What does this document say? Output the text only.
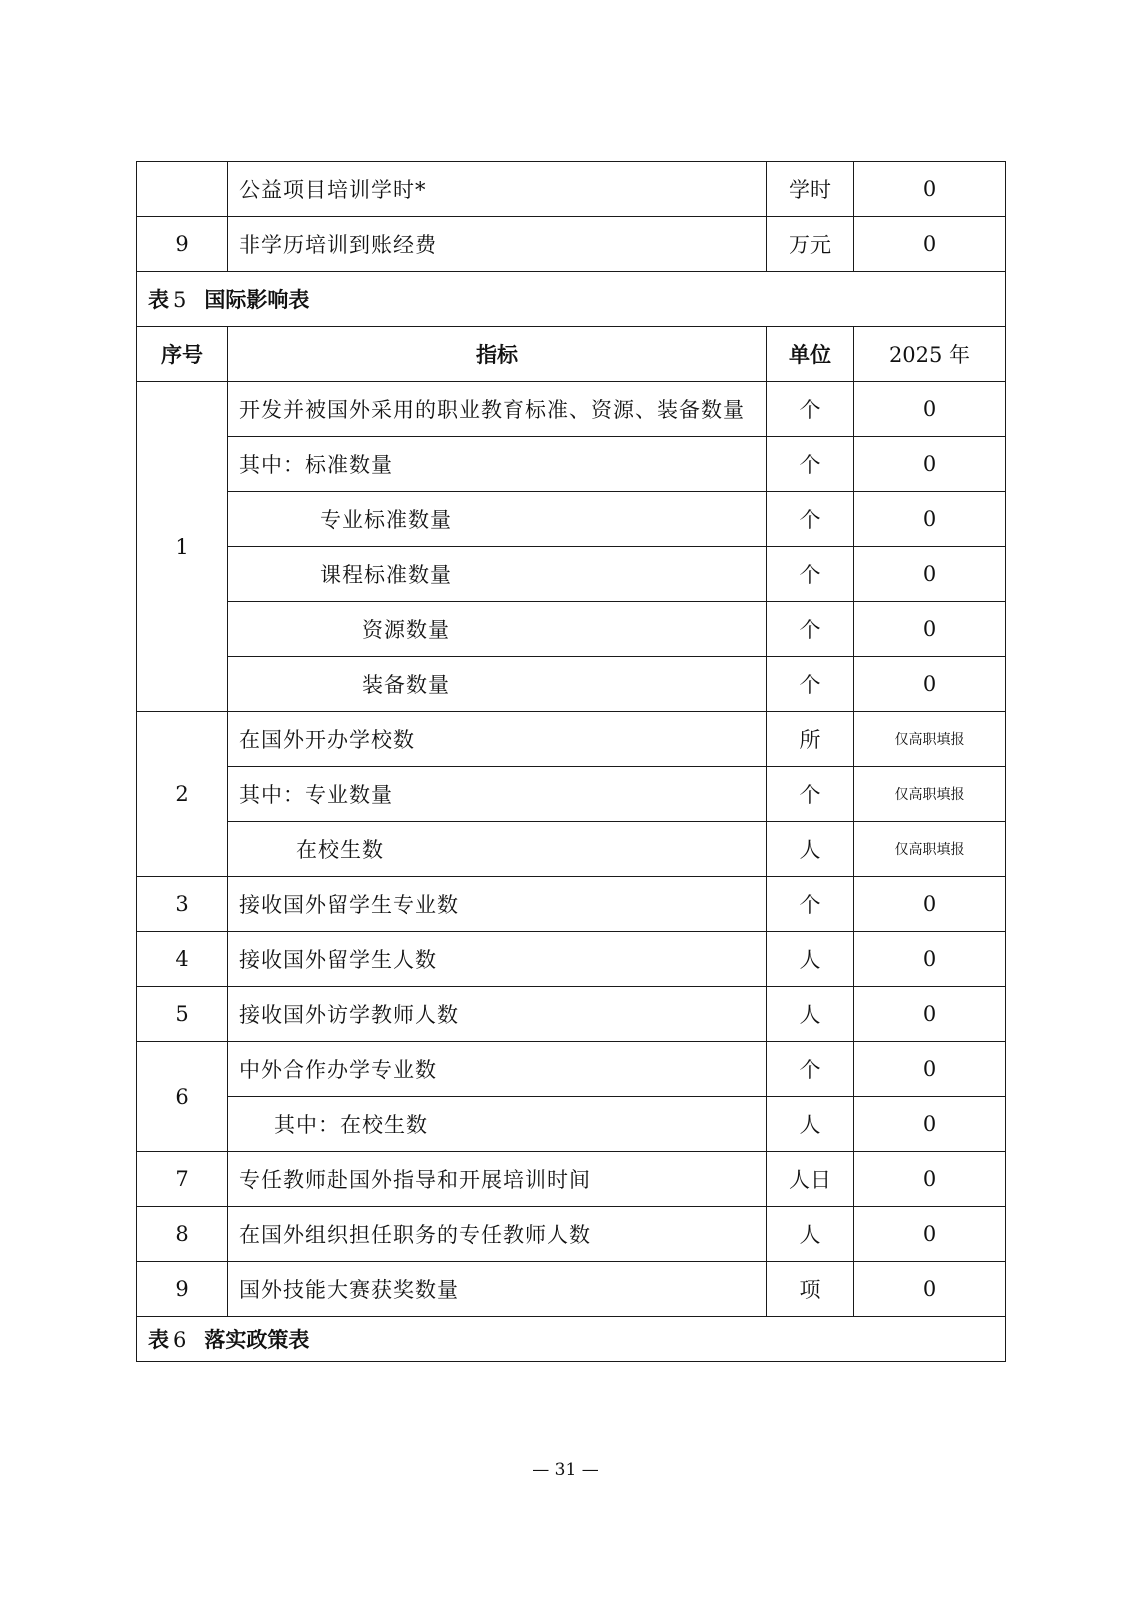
	公益项目培训学时*	学时	0
9	非学历培训到账经费	万元	0
表 5 国际影响表			
序号	指标	单位	2025 年
1	开发并被国外采用的职业教育标准、资源、装备数量	个	0
	其中：标准数量	个	0
	专业标准数量	个	0
	课程标准数量	个	0
	资源数量	个	0
	装备数量	个	0
2	在国外开办学校数	所	仅高职填报
	其中：专业数量	个	仅高职填报
	在校生数	人	仅高职填报
3	接收国外留学生专业数	个	0
4	接收国外留学生人数	人	0
5	接收国外访学教师人数	人	0
6	中外合作办学专业数	个	0
	其中：在校生数	人	0
7	专任教师赴国外指导和开展培训时间	人日	0
8	在国外组织担任职务的专任教师人数	人	0
9	国外技能大赛获奖数量	项	0
表 6 落实政策表			
— 31 —
